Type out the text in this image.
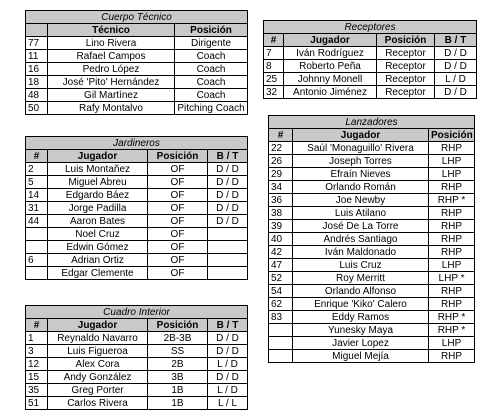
Cuerpo Técnico		
	Técnico	Posición
77	Lino Rivera	Dirigente
11	Rafael Campos	Coach
16	Pedro López	Coach
18	José 'Pito' Hernández	Coach
48	Gil Martínez	Coach
50	Rafy Montalvo	Pitching Coach
Jardineros			
#	Jugador	Posición	B / T
2	Luis Montañez	OF	D / D
5	Miguel Abreu	OF	D / D
14	Edgardo Báez	OF	D / D
31	Jorge Padilla	OF	D / D
44	Aaron Bates	OF	D / D
	Noel Cruz	OF	
	Edwin Gómez	OF	
6	Adrian Ortiz	OF	
	Edgar Clemente	OF	
Cuadro Interior			
#	Jugador	Posición	B / T
1	Reynaldo Navarro	2B-3B	D / D
3	Luis Figueroa	SS	D / D
12	Alex Cora	2B	L / D
15	Andy González	3B	D / D
35	Greg Porter	1B	L / D
51	Carlos Rivera	1B	L / L
Receptores			
#	Jugador	Posición	B / T
7	Iván Rodríguez	Receptor	D / D
8	Roberto Peña	Receptor	D / D
25	Johnny Monell	Receptor	L / D
32	Antonio Jiménez	Receptor	D / D
Lanzadores		
#	Jugador	Posición
22	Saúl 'Monaguillo' Rivera	RHP
26	Joseph Torres	LHP
29	Efraín Nieves	LHP
34	Orlando Román	RHP
36	Joe Newby	RHP *
38	Luis Atilano	RHP
39	José De La Torre	RHP
40	Andrés Santiago	RHP
42	Iván Maldonado	RHP
47	Luis Cruz	LHP
52	Roy Merritt	LHP *
54	Orlando Alfonso	RHP
62	Enrique 'Kiko' Calero	RHP
83	Eddy Ramos	RHP *
	Yunesky Maya	RHP *
	Javier Lopez	LHP
	Miguel Mejía	RHP
